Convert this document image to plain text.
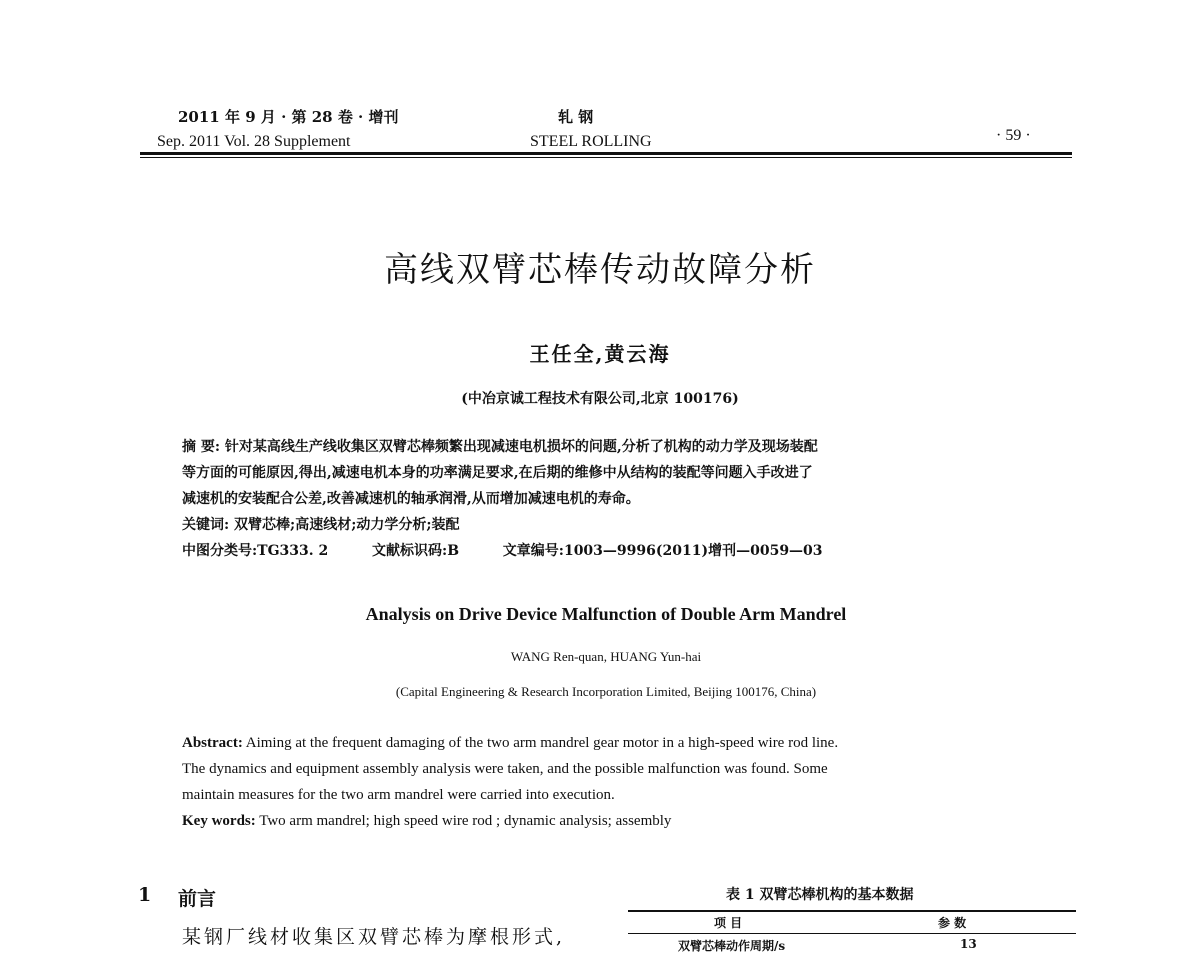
2011 年 9 月 · 第 28 卷 · 增刊
Sep. 2011 Vol. 28 Supplement
轧 钢
STEEL ROLLING	· 59 ·
高线双臂芯棒传动故障分析
王任全,黄云海
(中冶京诚工程技术有限公司,北京 100176)
摘 要: 针对某高线生产线收集区双臂芯棒频繁出现减速电机损坏的问题,分析了机构的动力学及现场装配
等方面的可能原因,得出,减速电机本身的功率满足要求,在后期的维修中从结构的装配等问题入手改进了
减速机的安装配合公差,改善减速机的轴承润滑,从而增加减速电机的寿命。
关键词: 双臂芯棒;高速线材;动力学分析;装配
中图分类号:TG333. 2	文献标识码:B	文章编号:1003—9996(2011)增刊—0059—03
Analysis on Drive Device Malfunction of Double Arm Mandrel
WANG Ren-quan, HUANG Yun-hai
(Capital Engineering & Research Incorporation Limited, Beijing 100176, China)
Abstract: Aiming at the frequent damaging of the two arm mandrel gear motor in a high-speed wire rod line.
The dynamics and equipment assembly analysis were taken, and the possible malfunction was found. Some
maintain measures for the two arm mandrel were carried into execution.
Key words: Two arm mandrel; high speed wire rod ; dynamic analysis; assembly
1 前言
某钢厂线材收集区双臂芯棒为摩根形式,
表 1 双臂芯棒机构的基本数据
项 目	参 数
双臂芯棒动作周期/s	13
